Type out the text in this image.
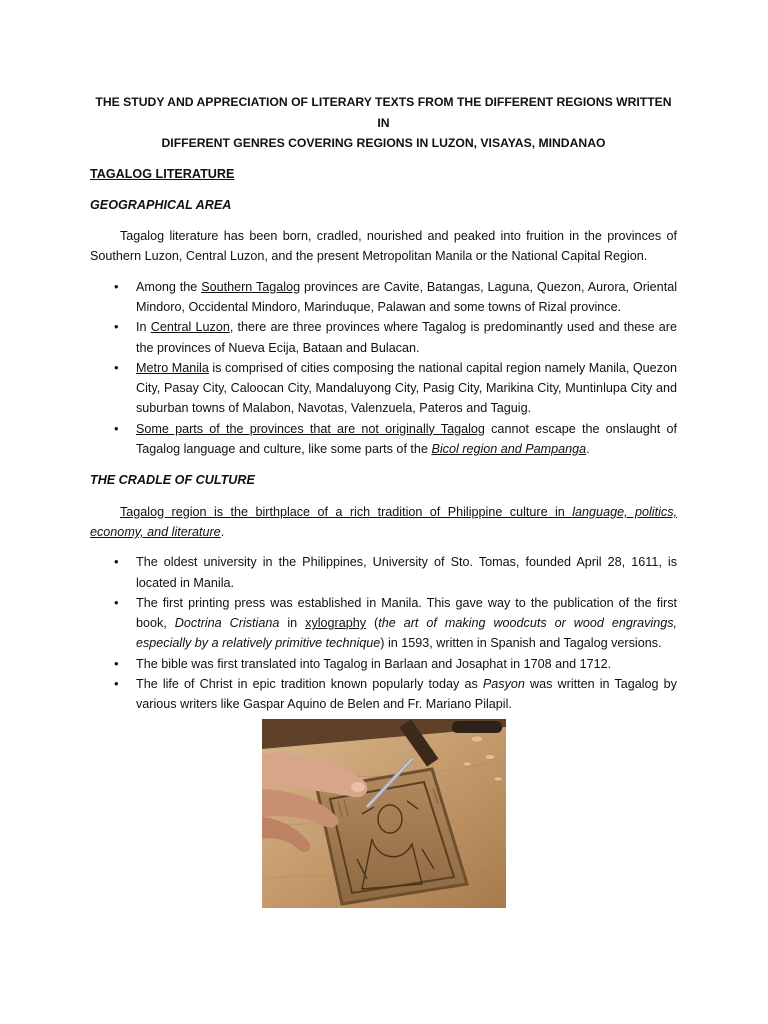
THE STUDY AND APPRECIATION OF LITERARY TEXTS FROM THE DIFFERENT REGIONS WRITTEN IN
DIFFERENT GENRES COVERING REGIONS IN LUZON, VISAYAS, MINDANAO

TAGALOG LITERATURE

GEOGRAPHICAL AREA

Tagalog literature has been born, cradled, nourished and peaked into fruition in the provinces of Southern Luzon, Central Luzon, and the present Metropolitan Manila or the National Capital Region.

• Among the Southern Tagalog provinces are Cavite, Batangas, Laguna, Quezon, Aurora, Oriental Mindoro, Occidental Mindoro, Marinduque, Palawan and some towns of Rizal province.
• In Central Luzon, there are three provinces where Tagalog is predominantly used and these are the provinces of Nueva Ecija, Bataan and Bulacan.
• Metro Manila is comprised of cities composing the national capital region namely Manila, Quezon City, Pasay City, Caloocan City, Mandaluyong City, Pasig City, Marikina City, Muntinlupa City and suburban towns of Malabon, Navotas, Valenzuela, Pateros and Taguig.
• Some parts of the provinces that are not originally Tagalog cannot escape the onslaught of Tagalog language and culture, like some parts of the Bicol region and Pampanga.

THE CRADLE OF CULTURE

Tagalog region is the birthplace of a rich tradition of Philippine culture in language, politics, economy, and literature.

• The oldest university in the Philippines, University of Sto. Tomas, founded April 28, 1611, is located in Manila.
• The first printing press was established in Manila. This gave way to the publication of the first book, Doctrina Cristiana in xylography (the art of making woodcuts or wood engravings, especially by a relatively primitive technique) in 1593, written in Spanish and Tagalog versions.
• The bible was first translated into Tagalog in Barlaan and Josaphat in 1708 and 1712.
• The life of Christ in epic tradition known popularly today as Pasyon was written in Tagalog by various writers like Gaspar Aquino de Belen and Fr. Mariano Pilapil.
